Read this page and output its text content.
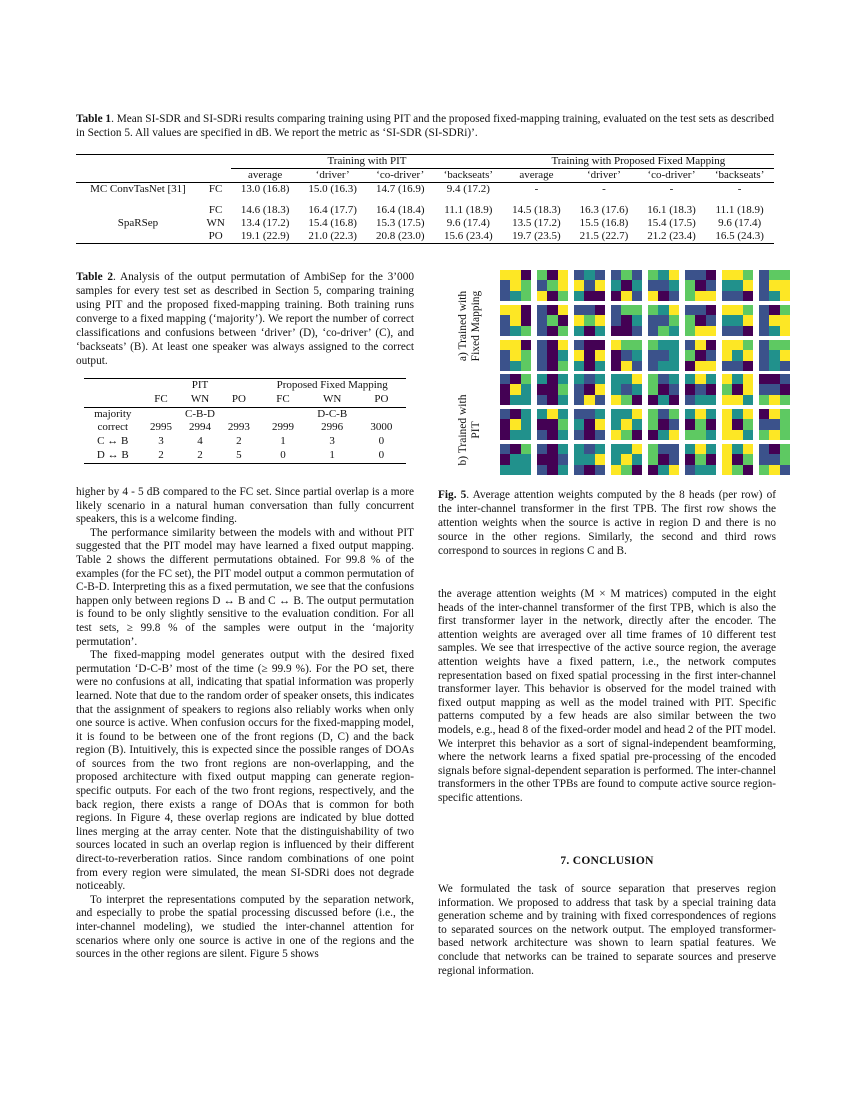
Table 1. Mean SI-SDR and SI-SDRi results comparing training using PIT and the proposed fixed-mapping training, evaluated on the test sets as described in Section 5. All values are specified in dB. We report the metric as ‘SI-SDR (SI-SDRi)’.
		Training with PIT				Training with Proposed Fixed Mapping			
		average	‘driver’	‘co-driver’	‘backseats’	average	‘driver’	‘co-driver’	‘backseats’
MC ConvTasNet [31]	FC	13.0 (16.8)	15.0 (16.3)	14.7 (16.9)	9.4 (17.2)	-	-	-	-

	FC	14.6 (18.3)	16.4 (17.7)	16.4 (18.4)	11.1 (18.9)	14.5 (18.3)	16.3 (17.6)	16.1 (18.3)	11.1 (18.9)
SpaRSep	WN	13.4 (17.2)	15.4 (16.8)	15.3 (17.5)	9.6 (17.4)	13.5 (17.2)	15.5 (16.8)	15.4 (17.5)	9.6 (17.4)
	PO	19.1 (22.9)	21.0 (22.3)	20.8 (23.0)	15.6 (23.4)	19.7 (23.5)	21.5 (22.7)	21.2 (23.4)	16.5 (24.3)
Table 2. Analysis of the output permutation of AmbiSep for the 3’000 samples for every test set as described in Section 5, comparing training using PIT and the proposed fixed-mapping training. Both training runs converge to a fixed mapping (‘majority’). We report the number of correct classifications and confusions between ‘driver’ (D), ‘co-driver’ (C), and ‘backseats’ (B). At least one speaker was always assigned to the correct output.
	PIT			Proposed Fixed Mapping		
	FC	WN	PO	FC	WN	PO
majority	C-B-D			D-C-B		
correct	2995	2994	2993	2999	2996	3000
C ↔ B	3	4	2	1	3	0
D ↔ B	2	2	5	0	1	0

higher by 4 - 5 dB compared to the FC set. Since partial overlap is a more likely scenario in a natural human conversation than fully concurrent speakers, this is a welcome finding.

The performance similarity between the models with and without PIT suggested that the PIT model may have learned a fixed output mapping. Table 2 shows the different permutations obtained. For 99.8 % of the examples (for the FC set), the PIT model output a common permutation of C-B-D. Interpreting this as a fixed permutation, we see that the confusions happen only between regions D ↔ B and C ↔ B. The output permutation is found to be only slightly sensitive to the evaluation condition. For all test sets, ≥ 99.8 % of the samples were output in the ‘majority permutation’.

The fixed-mapping model generates output with the desired fixed permutation ‘D-C-B’ most of the time (≥ 99.9 %). For the PO set, there were no confusions at all, indicating that spatial information was properly learned. Note that due to the random order of speaker onsets, this indicates that the assignment of speakers to regions also reliably works when only one source is active. When confusion occurs for the fixed-mapping model, it is found to be between one of the front regions (D, C) and the back region (B). Intuitively, this is expected since the possible ranges of DOAs of sources from the two front regions are non-overlapping, and the proposed architecture with fixed output mapping can generate region-specific outputs. For each of the two front regions, respectively, and the back region, there exists a range of DOAs that is common for both regions. In Figure 4, these overlap regions are indicated by blue dotted lines merging at the array center. Note that the distinguishability of two sources located in such an overlap region is influenced by their different direct-to-reverberation ratios. Since random combinations of one point from every region were simulated, the mean SI-SDRi does not degrade noticeably.

To interpret the representations computed by the separation network, and especially to probe the spatial processing discussed before (i.e., the inter-channel modeling), we studied the inter-channel attention for scenarios where only one source is active in one of the regions and the sources in the other regions are silent. Figure 5 shows

a) Trained with
Fixed Mapping
b) Trained with
PIT
Fig. 5. Average attention weights computed by the 8 heads (per row) of the inter-channel transformer in the first TPB. The first row shows the attention weights when the source is active in region D and there is no source in the other regions. Similarly, the second and third rows correspond to sources in regions C and B.

the average attention weights (M × M matrices) computed in the eight heads of the inter-channel transformer of the first TPB, which is also the first transformer layer in the network, directly after the encoder. The attention weights are averaged over all time frames of 10 different test samples. We see that irrespective of the active source region, the average attention weights have a fixed pattern, i.e., the network computes representation based on fixed spatial processing in the first inter-channel transformer layer. This behavior is observed for the model trained with fixed output mapping as well as the model trained with PIT. Specific patterns computed by a few heads are also similar between the two models, e.g., head 8 of the fixed-order model and head 2 of the PIT model. We interpret this behavior as a sort of signal-independent beamforming, where the network learns a fixed spatial pre-processing of the encoded signals before signal-dependent separation is performed. The inter-channel transformers in the other TPBs are found to compute active source region-specific attentions.

7. CONCLUSION

We formulated the task of source separation that preserves region information. We proposed to address that task by a special training data generation scheme and by training with fixed correspondences of regions to separated sources on the network output. The employed transformer-based network architecture was shown to learn spatial features. We conclude that networks can be trained to separate sources and preserve regional information.
